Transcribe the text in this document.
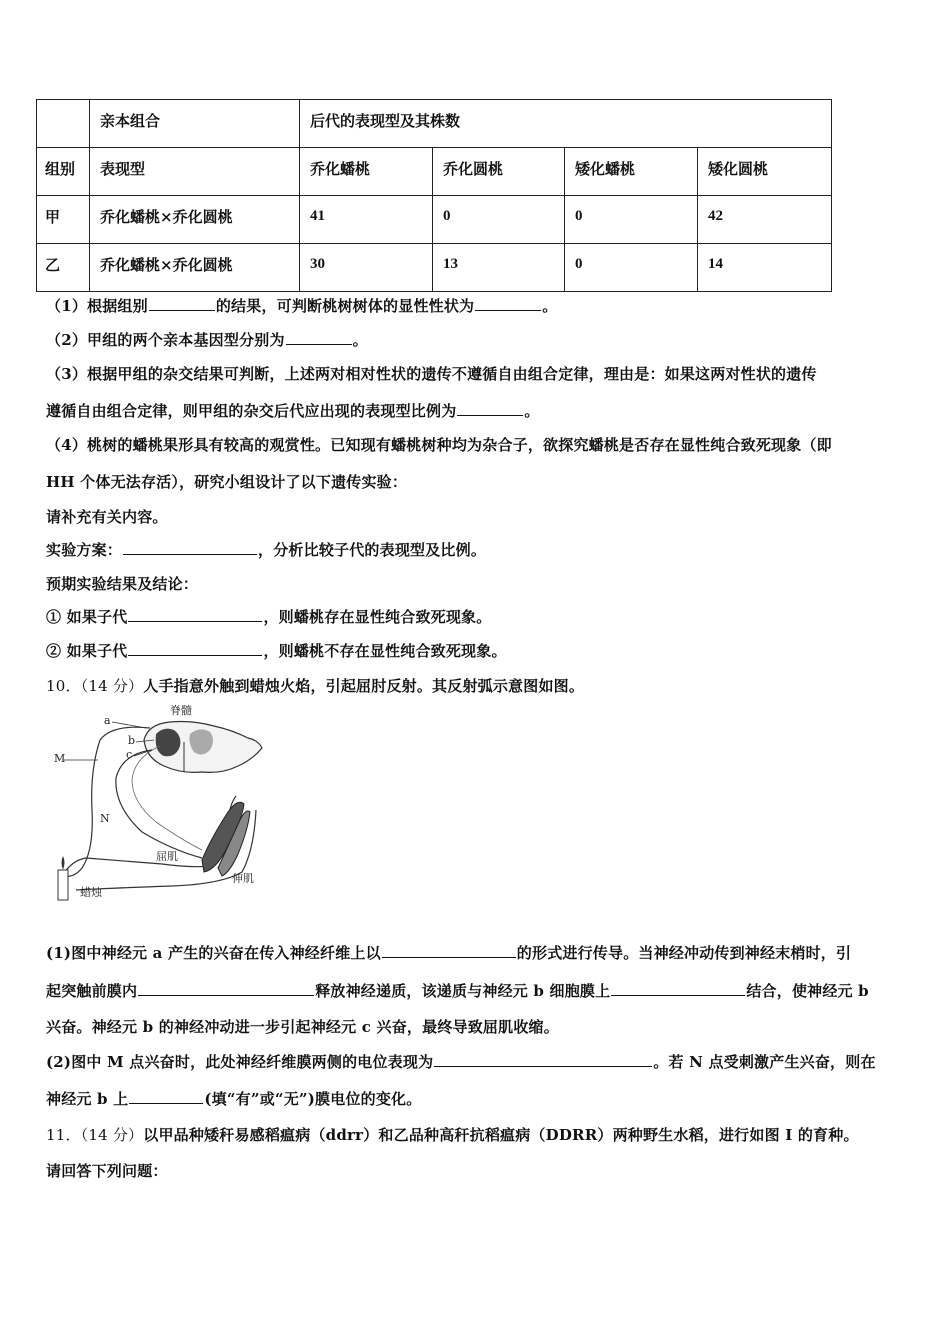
	亲本组合	后代的表现型及其株数			
组别	表现型	乔化蟠桃	乔化圆桃	矮化蟠桃	矮化圆桃
甲	乔化蟠桃×乔化圆桃	41	0	0	42
乙	乔化蟠桃×乔化圆桃	30	13	0	14
（1）根据组别	的结果，可判断桃树树体的显性性状为	。
（2）甲组的两个亲本基因型分别为	。
（3）根据甲组的杂交结果可判断，上述两对相对性状的遗传不遵循自由组合定律，理由是：如果这两对性状的遗传
遵循自由组合定律，则甲组的杂交后代应出现的表现型比例为	。
（4）桃树的蟠桃果形具有较高的观赏性。已知现有蟠桃树种均为杂合子，欲探究蟠桃是否存在显性纯合致死现象（即
HH 个体无法存活），研究小组设计了以下遗传实验：
请补充有关内容。
实验方案：	，分析比较子代的表现型及比例。
预期实验结果及结论：
① 如果子代	，则蟠桃存在显性纯合致死现象。
② 如果子代	，则蟠桃不存在显性纯合致死现象。
10．（14 分）人手指意外触到蜡烛火焰，引起屈肘反射。其反射弧示意图如图。
脊髓
a
b
c
M
N
屈肌
伸肌
蜡烛
(1)图中神经元 a 产生的兴奋在传入神经纤维上以	的形式进行传导。当神经冲动传到神经末梢时，引
起突触前膜内	释放神经递质，该递质与神经元 b 细胞膜上	结合，使神经元 b
兴奋。神经元 b 的神经冲动进一步引起神经元 c 兴奋，最终导致屈肌收缩。
(2)图中 M 点兴奋时，此处神经纤维膜两侧的电位表现为	。若 N 点受刺激产生兴奋，则在
神经元 b 上	(填“有”或“无”)膜电位的变化。
11．（14 分）以甲品种矮秆易感稻瘟病（ddrr）和乙品种高秆抗稻瘟病（DDRR）两种野生水稻，进行如图 I 的育种。
请回答下列问题：
